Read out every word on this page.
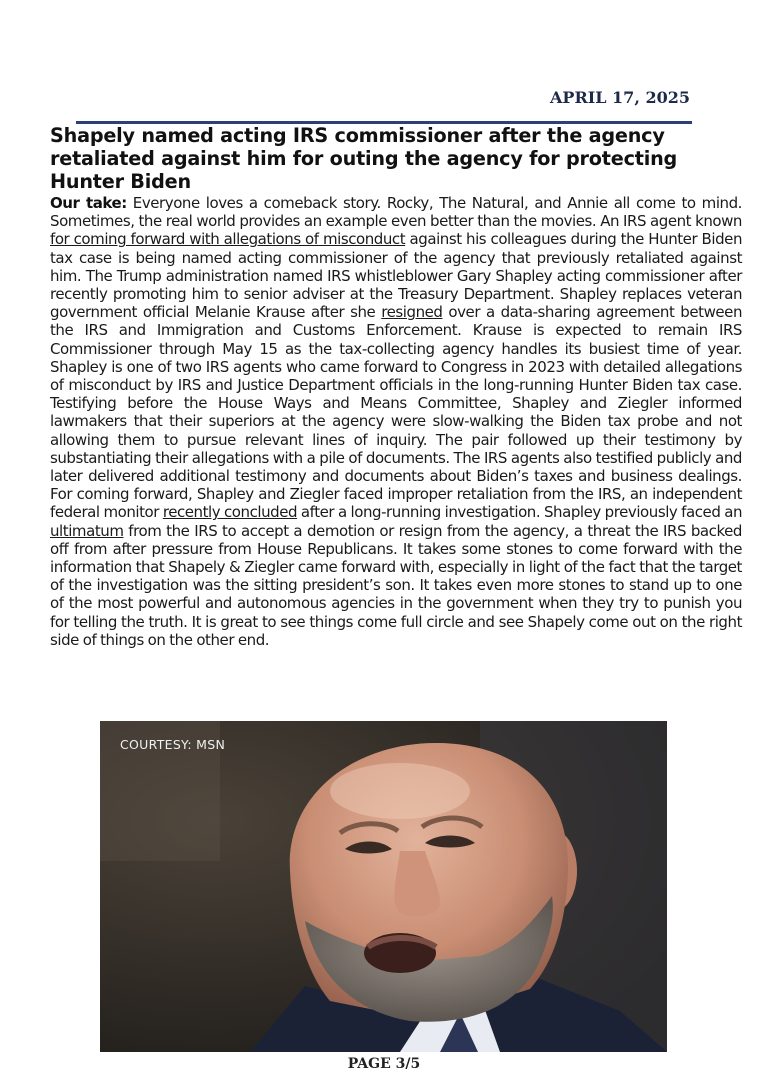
APRIL 17, 2025
Shapely named acting IRS commissioner after the agency retaliated against him for outing the agency for protecting Hunter Biden

Our take: Everyone loves a comeback story. Rocky, The Natural, and Annie all come to mind. Sometimes, the real world provides an example even better than the movies. An IRS agent known for coming forward with allegations of misconduct against his colleagues during the Hunter Biden tax case is being named acting commissioner of the agency that previously retaliated against him. The Trump administration named IRS whistleblower Gary Shapley acting commissioner after recently promoting him to senior adviser at the Treasury Department. Shapley replaces veteran government official Melanie Krause after she resigned over a data-sharing agreement between the IRS and Immigration and Customs Enforcement. Krause is expected to remain IRS Commissioner through May 15 as the tax-collecting agency handles its busiest time of year. Shapley is one of two IRS agents who came forward to Congress in 2023 with detailed allegations of misconduct by IRS and Justice Department officials in the long-running Hunter Biden tax case. Testifying before the House Ways and Means Committee, Shapley and Ziegler informed lawmakers that their superiors at the agency were slow-walking the Biden tax probe and not allowing them to pursue relevant lines of inquiry. The pair followed up their testimony by substantiating their allegations with a pile of documents. The IRS agents also testified publicly and later delivered additional testimony and documents about Biden’s taxes and business dealings. For coming forward, Shapley and Ziegler faced improper retaliation from the IRS, an independent federal monitor recently concluded after a long-running investigation. Shapley previously faced an ultimatum from the IRS to accept a demotion or resign from the agency, a threat the IRS backed off from after pressure from House Republicans. It takes some stones to come forward with the information that Shapely & Ziegler came forward with, especially in light of the fact that the target of the investigation was the sitting president’s son. It takes even more stones to stand up to one of the most powerful and autonomous agencies in the government when they try to punish you for telling the truth. It is great to see things come full circle and see Shapely come out on the right side of things on the other end.

COURTESY: MSN
PAGE 3/5
